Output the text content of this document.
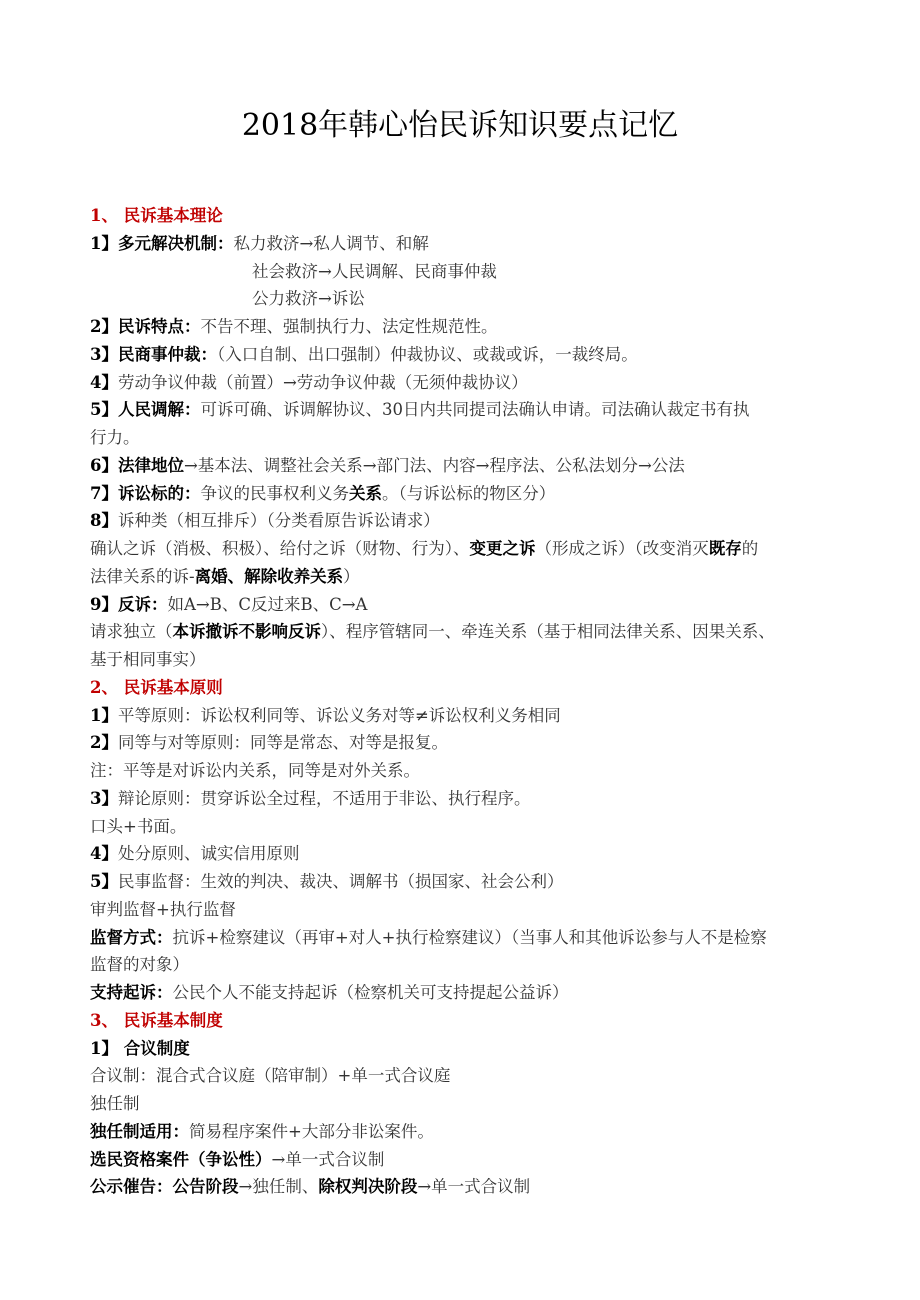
2018年韩心怡民诉知识要点记忆
1、 民诉基本理论
1】多元解决机制：私力救济→私人调节、和解
社会救济→人民调解、民商事仲裁
公力救济→诉讼
2】民诉特点：不告不理、强制执行力、法定性规范性。
3】民商事仲裁：（入口自制、出口强制）仲裁协议、或裁或诉，一裁终局。
4】劳动争议仲裁（前置）→劳动争议仲裁（无须仲裁协议）
5】人民调解：可诉可确、诉调解协议、30日内共同提司法确认申请。司法确认裁定书有执
行力。
6】法律地位→基本法、调整社会关系→部门法、内容→程序法、公私法划分→公法
7】诉讼标的：争议的民事权利义务关系。（与诉讼标的物区分）
8】诉种类（相互排斥）（分类看原告诉讼请求）
确认之诉（消极、积极）、给付之诉（财物、行为）、变更之诉（形成之诉）（改变消灭既存的
法律关系的诉-离婚、解除收养关系）
9】反诉：如A→B、C反过来B、C→A
请求独立（本诉撤诉不影响反诉）、程序管辖同一、牵连关系（基于相同法律关系、因果关系、
基于相同事实）
2、 民诉基本原则
1】平等原则：诉讼权利同等、诉讼义务对等≠诉讼权利义务相同
2】同等与对等原则：同等是常态、对等是报复。
注：平等是对诉讼内关系，同等是对外关系。
3】辩论原则：贯穿诉讼全过程，不适用于非讼、执行程序。
口头+书面。
4】处分原则、诚实信用原则
5】民事监督：生效的判决、裁决、调解书（损国家、社会公利）
审判监督+执行监督
监督方式：抗诉+检察建议（再审+对人+执行检察建议）（当事人和其他诉讼参与人不是检察
监督的对象）
支持起诉：公民个人不能支持起诉（检察机关可支持提起公益诉）
3、 民诉基本制度
1】 合议制度
合议制：混合式合议庭（陪审制）+单一式合议庭
独任制
独任制适用：简易程序案件+大部分非讼案件。
选民资格案件（争讼性）→单一式合议制
公示催告：公告阶段→独任制、除权判决阶段→单一式合议制
